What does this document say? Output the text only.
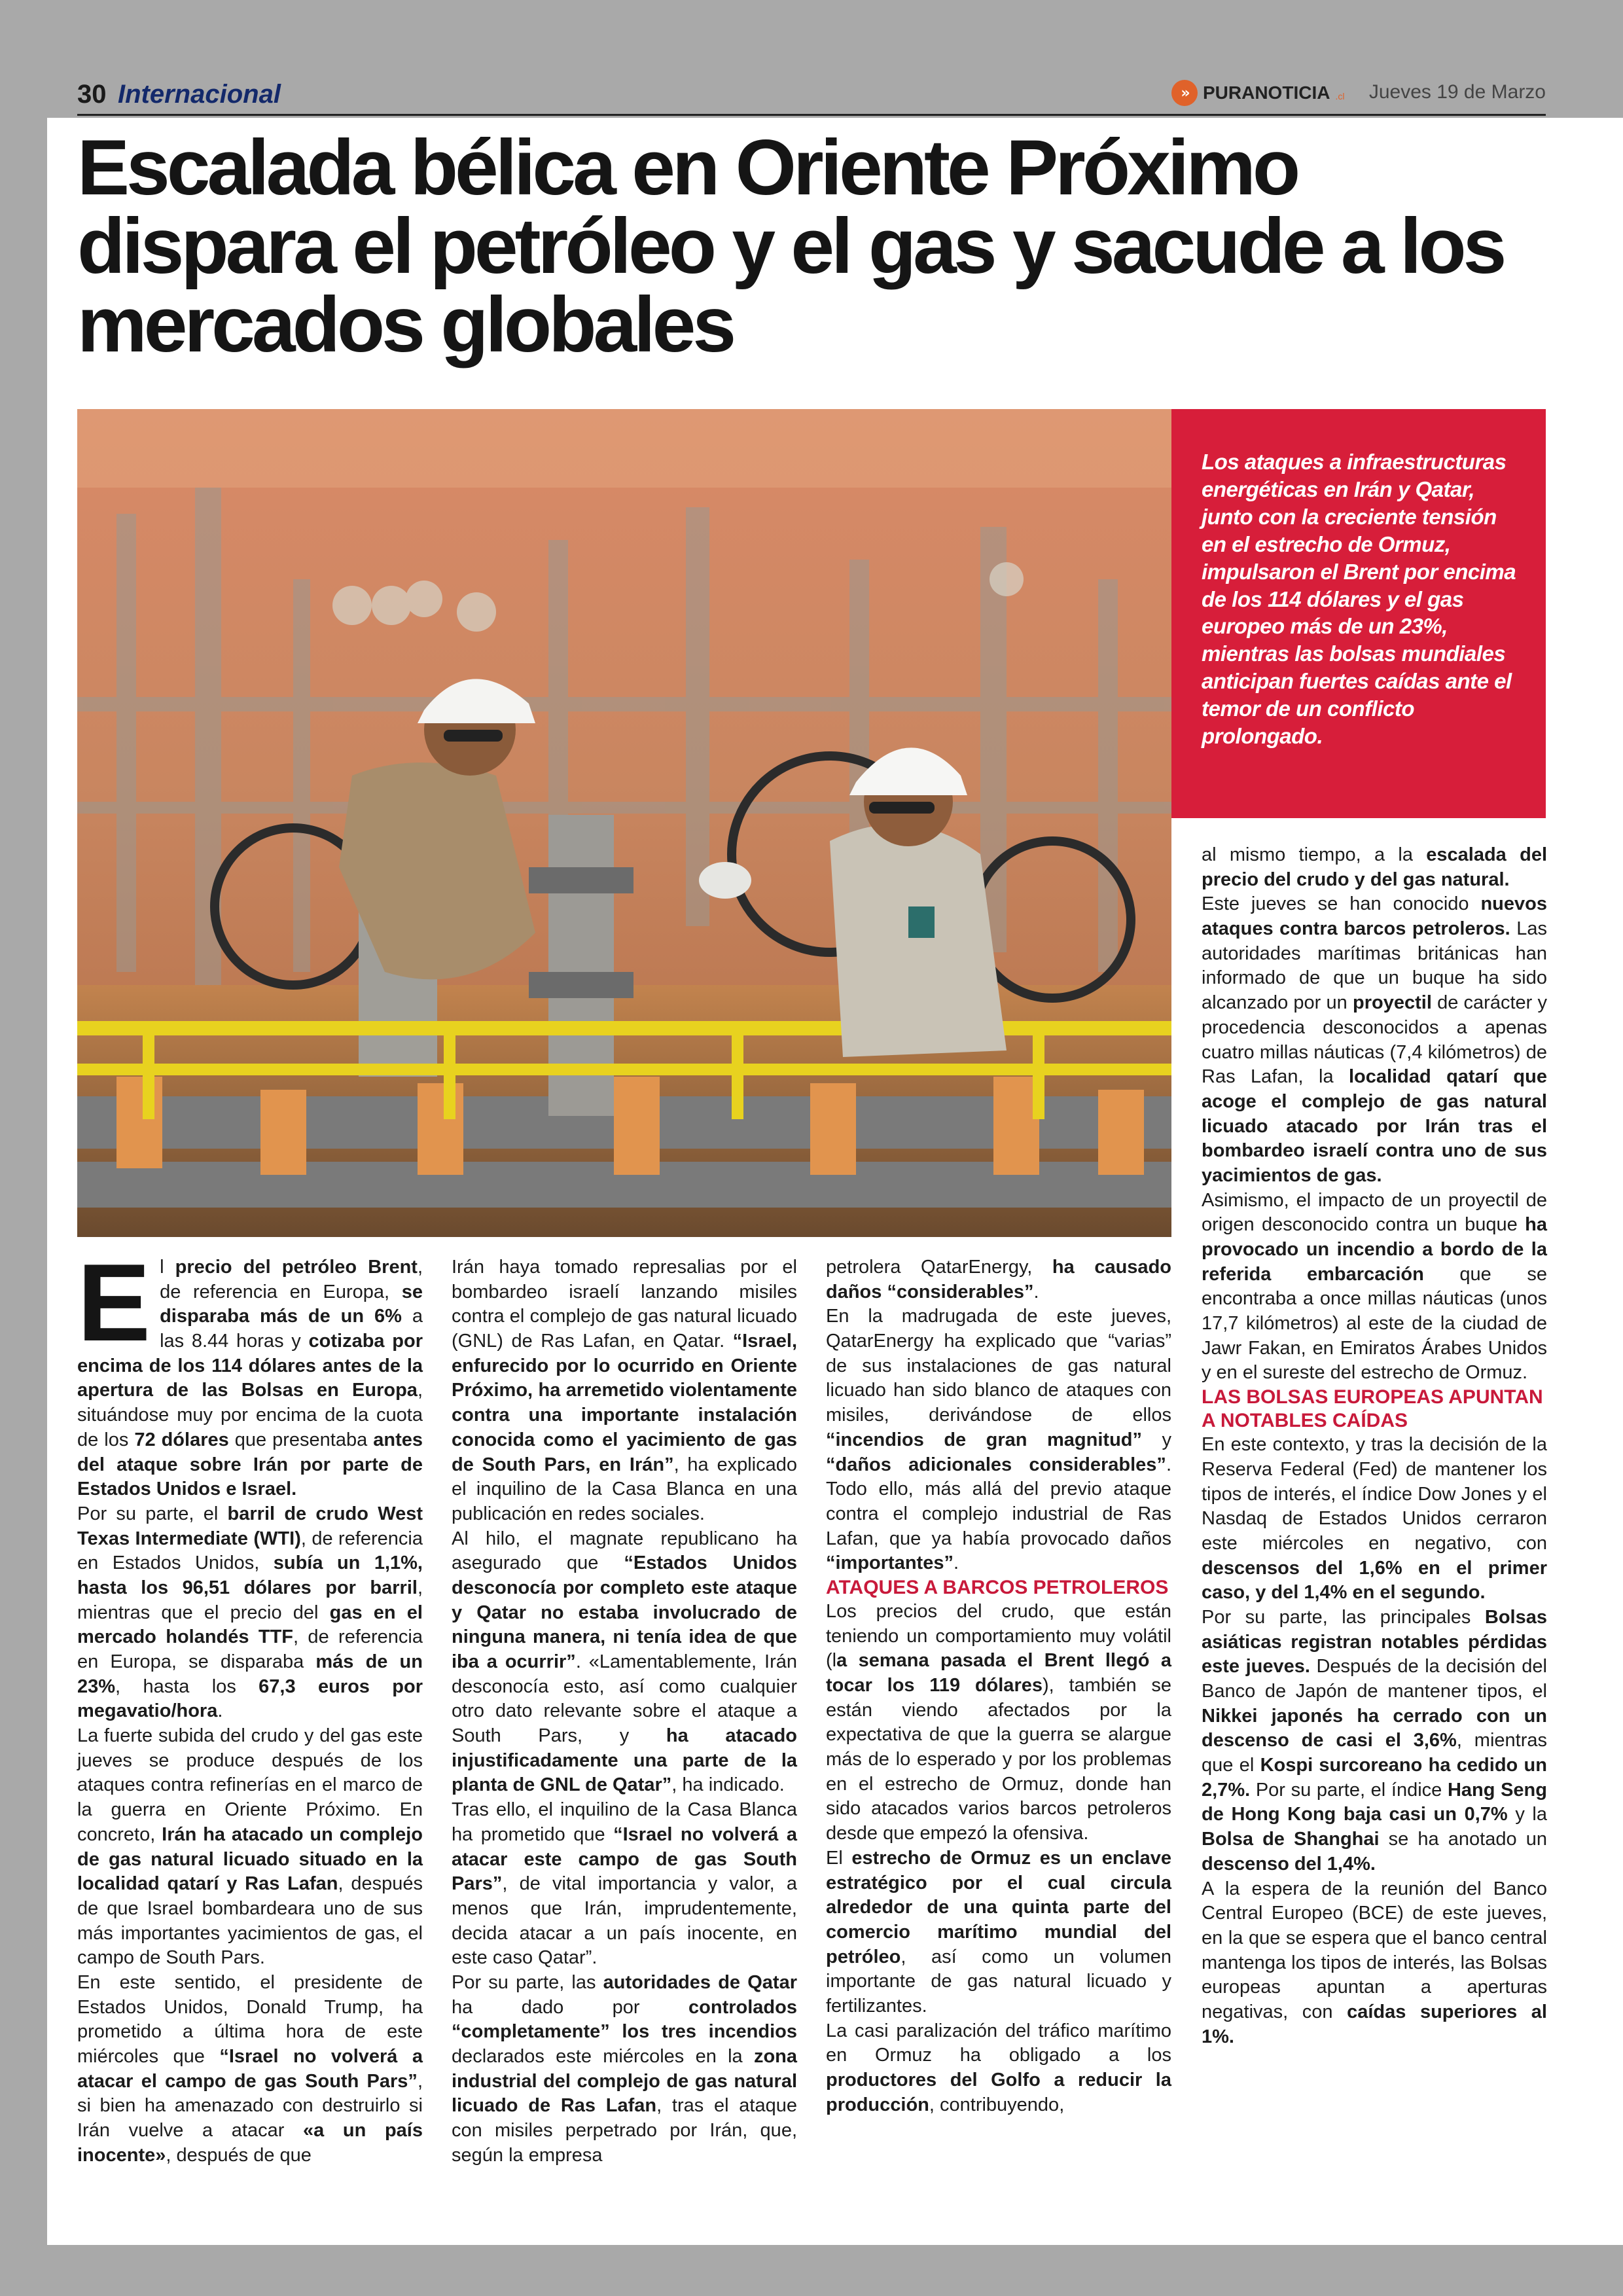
30 Internacional	» PURANOTICIA .cl Jueves 19 de Marzo
Escalada bélica en Oriente Próximo dispara el petróleo y el gas y sacude a los mercados globales

Los ataques a infraestructuras energéticas en Irán y Qatar, junto con la creciente tensión en el estrecho de Ormuz, impulsaron el Brent por encima de los 114 dólares y el gas europeo más de un 23%, mientras las bolsas mundiales anticipan fuertes caídas ante el temor de un conflicto prolongado.

E l precio del petróleo Brent, de referencia en Europa, se disparaba más de un 6% a las 8.44 horas y cotizaba por encima de los 114 dólares antes de la apertura de las Bolsas en Europa, situándose muy por encima de la cuota de los 72 dólares que presentaba antes del ataque sobre Irán por parte de Estados Unidos e Israel.

Por su parte, el barril de crudo West Texas Intermediate (WTI), de referencia en Estados Unidos, subía un 1,1%, hasta los 96,51 dólares por barril, mientras que el precio del gas en el mercado holandés TTF, de referencia en Europa, se disparaba más de un 23%, hasta los 67,3 euros por megavatio/hora.

La fuerte subida del crudo y del gas este jueves se produce después de los ataques contra refinerías en el marco de la guerra en Oriente Próximo. En concreto, Irán ha atacado un complejo de gas natural licuado situado en la localidad qatarí y Ras Lafan, después de que Israel bombardeara uno de sus más importantes yacimientos de gas, el campo de South Pars.

En este sentido, el presidente de Estados Unidos, Donald Trump, ha prometido a última hora de este miércoles que “Israel no volverá a atacar el campo de gas South Pars”, si bien ha amenazado con destruirlo si Irán vuelve a atacar «a un país inocente», después de que

Irán haya tomado represalias por el bombardeo israelí lanzando misiles contra el complejo de gas natural licuado (GNL) de Ras Lafan, en Qatar. “Israel, enfurecido por lo ocurrido en Oriente Próximo, ha arremetido violentamente contra una importante instalación conocida como el yacimiento de gas de South Pars, en Irán”, ha explicado el inquilino de la Casa Blanca en una publicación en redes sociales.

Al hilo, el magnate republicano ha asegurado que “Estados Unidos desconocía por completo este ataque y Qatar no estaba involucrado de ninguna manera, ni tenía idea de que iba a ocurrir”. «Lamentablemente, Irán desconocía esto, así como cualquier otro dato relevante sobre el ataque a South Pars, y ha atacado injustificadamente una parte de la planta de GNL de Qatar”, ha indicado.

Tras ello, el inquilino de la Casa Blanca ha prometido que “Israel no volverá a atacar este campo de gas South Pars”, de vital importancia y valor, a menos que Irán, imprudentemente, decida atacar a un país inocente, en este caso Qatar”.

Por su parte, las autoridades de Qatar ha dado por controlados “completamente” los tres incendios declarados este miércoles en la zona industrial del complejo de gas natural licuado de Ras Lafan, tras el ataque con misiles perpetrado por Irán, que, según la empresa

petrolera QatarEnergy, ha causado daños “considerables”.

En la madrugada de este jueves, QatarEnergy ha explicado que “varias” de sus instalaciones de gas natural licuado han sido blanco de ataques con misiles, derivándose de ellos “incendios de gran magnitud” y “daños adicionales considerables”. Todo ello, más allá del previo ataque contra el complejo industrial de Ras Lafan, que ya había provocado daños “importantes”.

ATAQUES A BARCOS PETROLEROS

Los precios del crudo, que están teniendo un comportamiento muy volátil (la semana pasada el Brent llegó a tocar los 119 dólares), también se están viendo afectados por la expectativa de que la guerra se alargue más de lo esperado y por los problemas en el estrecho de Ormuz, donde han sido atacados varios barcos petroleros desde que empezó la ofensiva.

El estrecho de Ormuz es un enclave estratégico por el cual circula alrededor de una quinta parte del comercio marítimo mundial del petróleo, así como un volumen importante de gas natural licuado y fertilizantes.

La casi paralización del tráfico marítimo en Ormuz ha obligado a los productores del Golfo a reducir la producción, contribuyendo,

al mismo tiempo, a la escalada del precio del crudo y del gas natural.

Este jueves se han conocido nuevos ataques contra barcos petroleros. Las autoridades marítimas británicas han informado de que un buque ha sido alcanzado por un proyectil de carácter y procedencia desconocidos a apenas cuatro millas náuticas (7,4 kilómetros) de Ras Lafan, la localidad qatarí que acoge el complejo de gas natural licuado atacado por Irán tras el bombardeo israelí contra uno de sus yacimientos de gas.

Asimismo, el impacto de un proyectil de origen desconocido contra un buque ha provocado un incendio a bordo de la referida embarcación que se encontraba a once millas náuticas (unos 17,7 kilómetros) al este de la ciudad de Jawr Fakan, en Emiratos Árabes Unidos y en el sureste del estrecho de Ormuz.

LAS BOLSAS EUROPEAS APUNTAN A NOTABLES CAÍDAS

En este contexto, y tras la decisión de la Reserva Federal (Fed) de mantener los tipos de interés, el índice Dow Jones y el Nasdaq de Estados Unidos cerraron este miércoles en negativo, con descensos del 1,6% en el primer caso, y del 1,4% en el segundo.

Por su parte, las principales Bolsas asiáticas registran notables pérdidas este jueves. Después de la decisión del Banco de Japón de mantener tipos, el Nikkei japonés ha cerrado con un descenso de casi el 3,6%, mientras que el Kospi surcoreano ha cedido un 2,7%. Por su parte, el índice Hang Seng de Hong Kong baja casi un 0,7% y la Bolsa de Shanghai se ha anotado un descenso del 1,4%.

A la espera de la reunión del Banco Central Europeo (BCE) de este jueves, en la que se espera que el banco central mantenga los tipos de interés, las Bolsas europeas apuntan a aperturas negativas, con caídas superiores al 1%.
